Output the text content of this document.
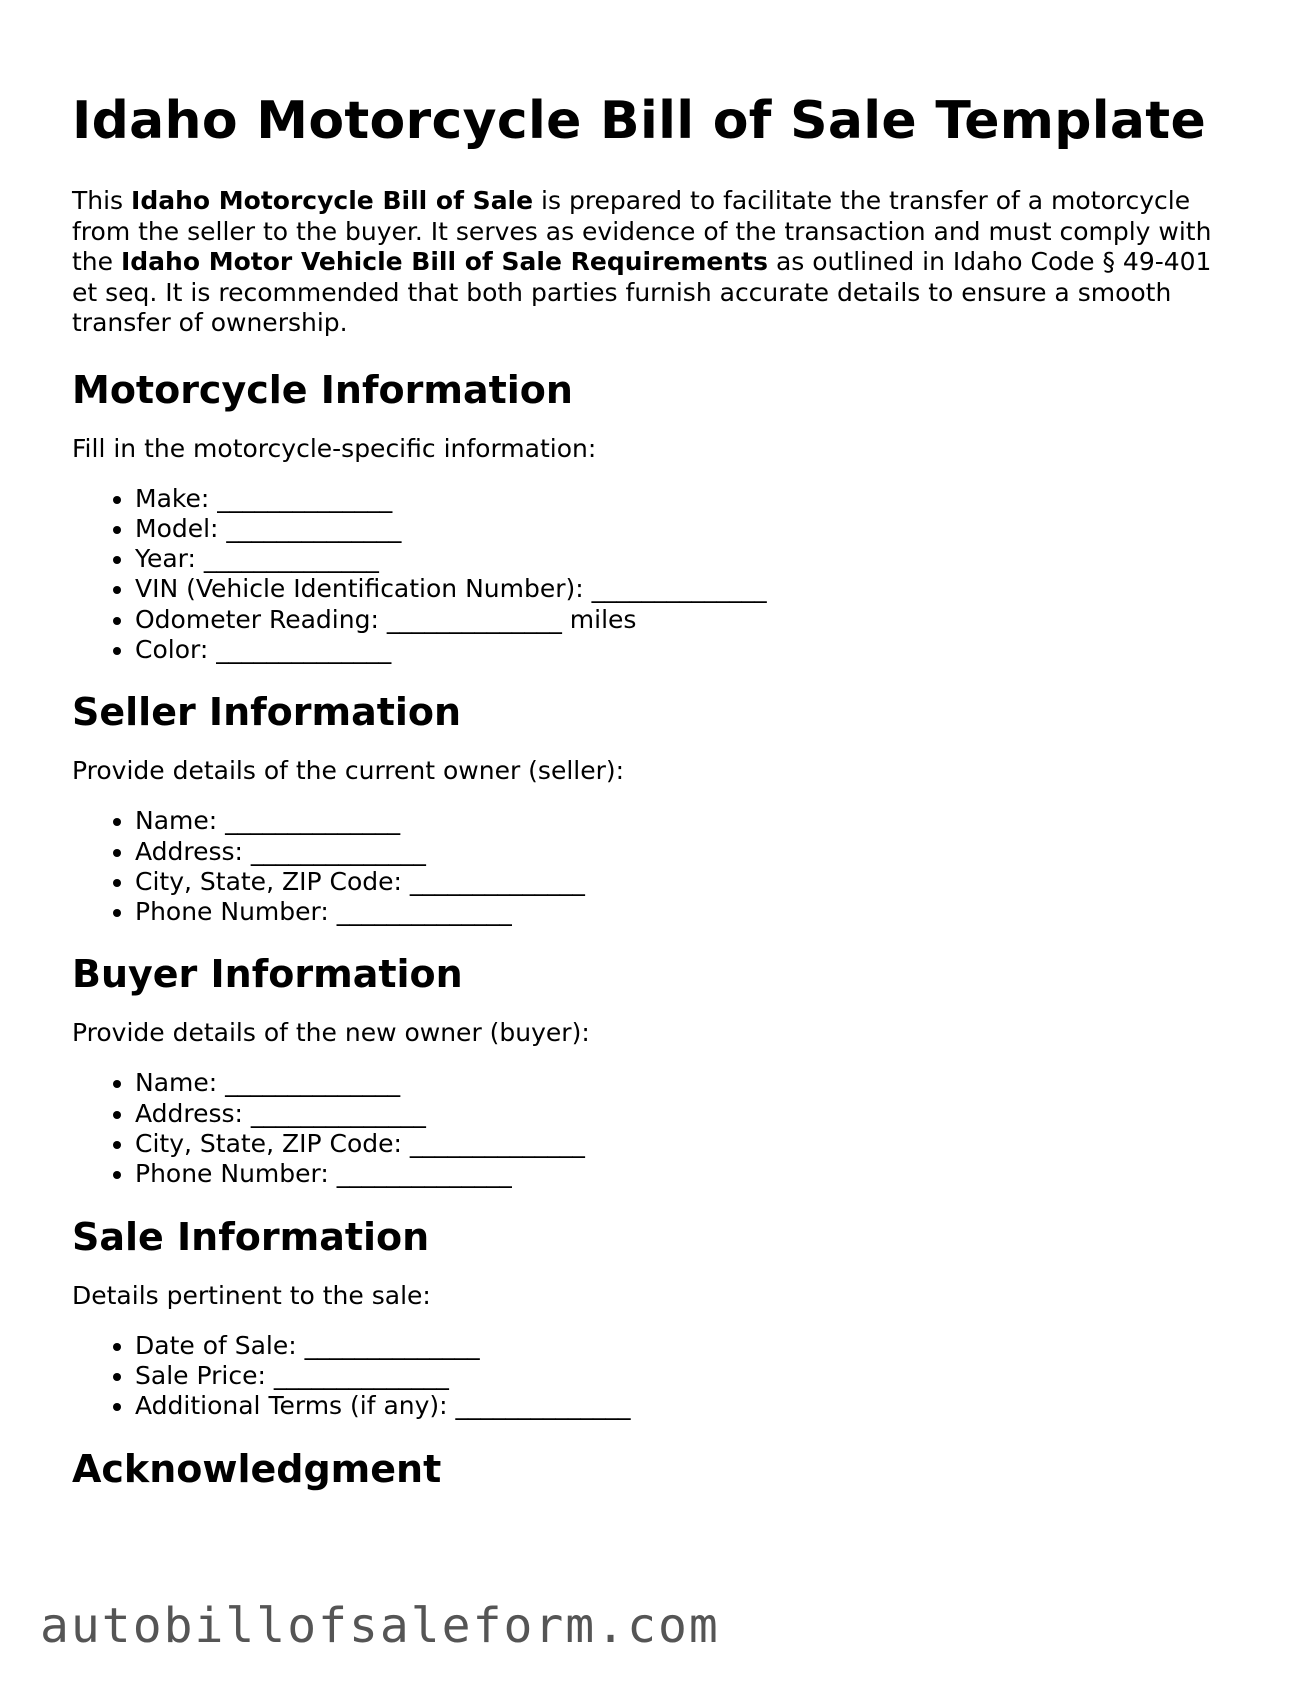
Idaho Motorcycle Bill of Sale Template

This Idaho Motorcycle Bill of Sale is prepared to facilitate the transfer of a motorcycle from the seller to the buyer. It serves as evidence of the transaction and must comply with the Idaho Motor Vehicle Bill of Sale Requirements as outlined in Idaho Code § 49-401 et seq. It is recommended that both parties furnish accurate details to ensure a smooth transfer of ownership.

Motorcycle Information

Fill in the motorcycle-specific information:

• Make: ______________
• Model: ______________
• Year: ______________
• VIN (Vehicle Identification Number): ______________
• Odometer Reading: ______________ miles
• Color: ______________
Seller Information

Provide details of the current owner (seller):

• Name: ______________
• Address: ______________
• City, State, ZIP Code: ______________
• Phone Number: ______________
Buyer Information

Provide details of the new owner (buyer):

• Name: ______________
• Address: ______________
• City, State, ZIP Code: ______________
• Phone Number: ______________
Sale Information

Details pertinent to the sale:

• Date of Sale: ______________
• Sale Price: ______________
• Additional Terms (if any): ______________
Acknowledgment
autobillofsaleform.com
